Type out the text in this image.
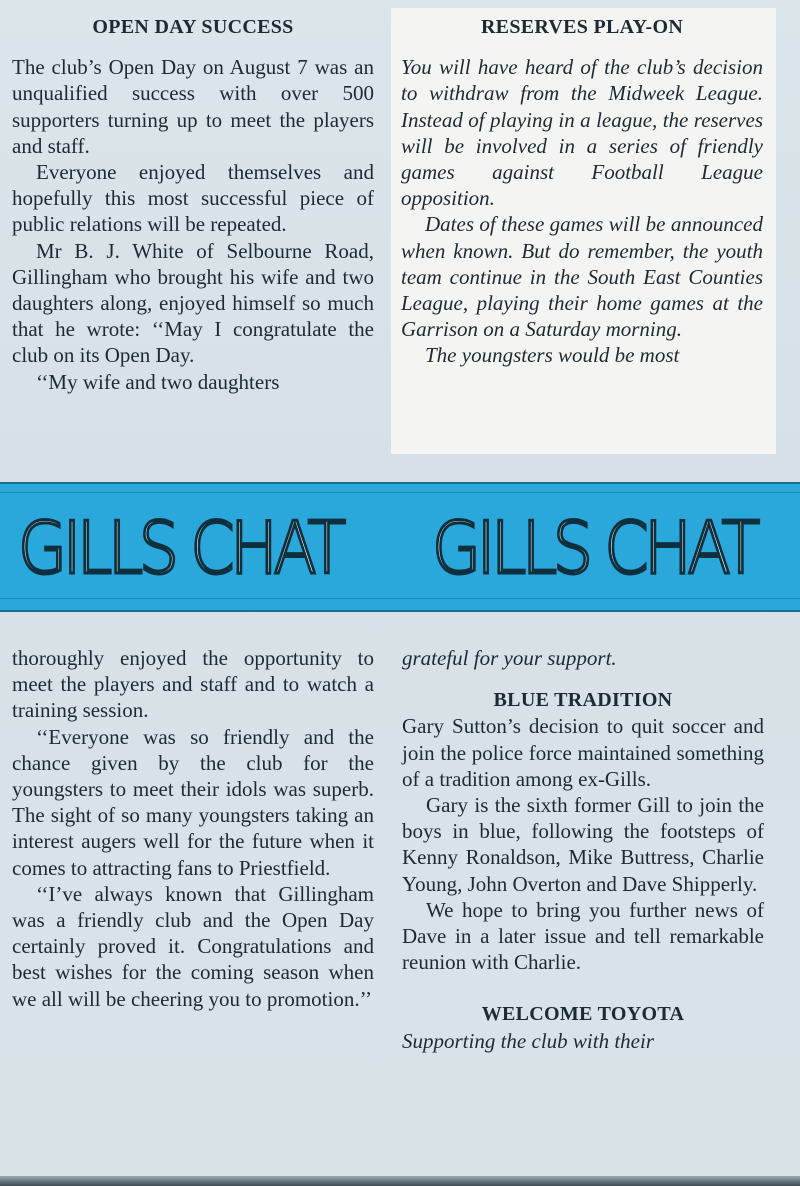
OPEN DAY SUCCESS

The club’s Open Day on August 7 was an unqualified success with over 500 supporters turning up to meet the players and staff.

Everyone enjoyed themselves and hopefully this most successful piece of public relations will be repeated.

Mr B. J. White of Selbourne Road, Gillingham who brought his wife and two daughters along, enjoyed himself so much that he wrote: ‘‘May I congratulate the club on its Open Day.

‘‘My wife and two daughters

RESERVES PLAY-ON

You will have heard of the club’s decision to withdraw from the Midweek League. Instead of playing in a league, the reserves will be involved in a series of friendly games against Football League opposition.

Dates of these games will be announced when known. But do remember, the youth team continue in the South East Counties League, playing their home games at the Garrison on a Saturday morning.

The youngsters would be most

GILLS CHAT GILLS CHAT

thoroughly enjoyed the opportunity to meet the players and staff and to watch a training session.

‘‘Everyone was so friendly and the chance given by the club for the youngsters to meet their idols was superb. The sight of so many youngsters taking an interest augers well for the future when it comes to attracting fans to Priestfield.

‘‘I’ve always known that Gillingham was a friendly club and the Open Day certainly proved it. Congratulations and best wishes for the coming season when we all will be cheering you to promotion.’’

grateful for your support.

BLUE TRADITION

Gary Sutton’s decision to quit soccer and join the police force maintained something of a tradition among ex-Gills.

Gary is the sixth former Gill to join the boys in blue, following the footsteps of Kenny Ronaldson, Mike Buttress, Charlie Young, John Overton and Dave Shipperly.

We hope to bring you further news of Dave in a later issue and tell remarkable reunion with Charlie.

WELCOME TOYOTA

Supporting the club with their
